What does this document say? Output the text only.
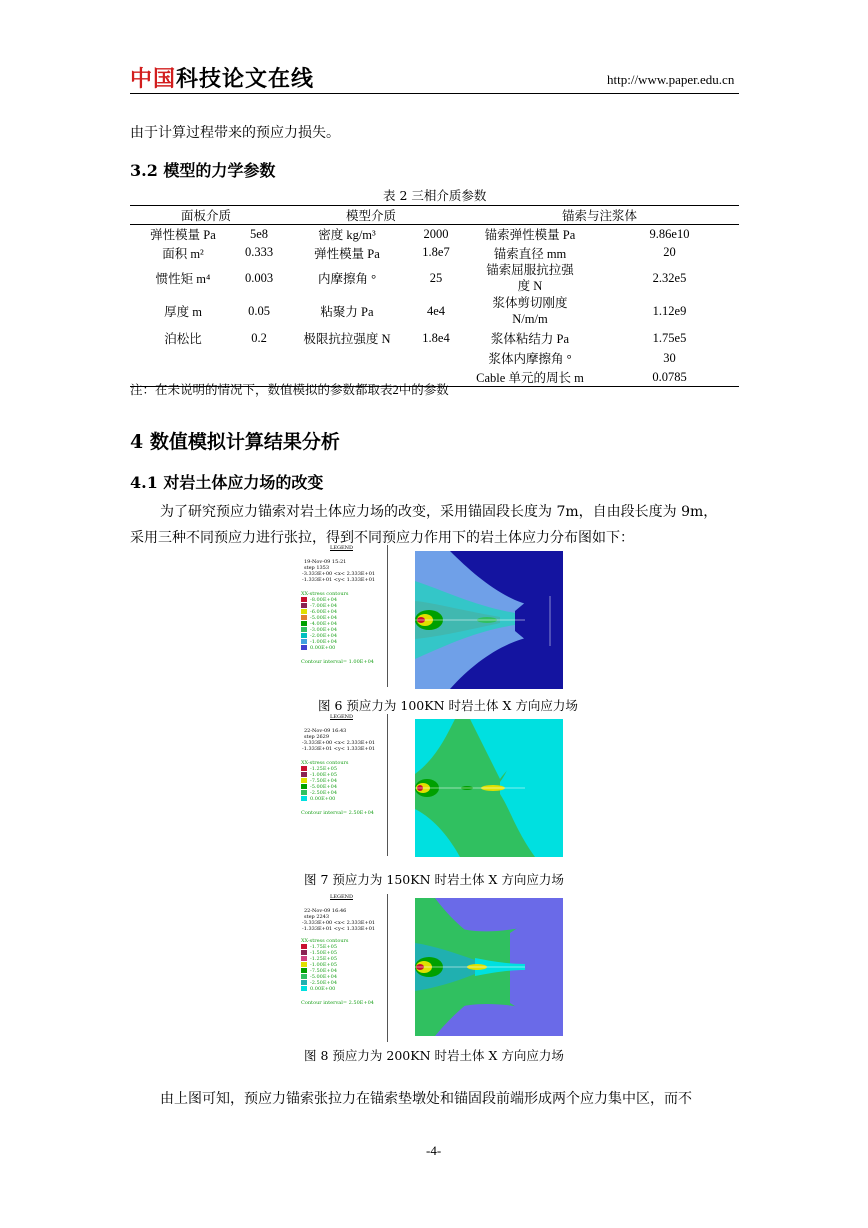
中国科技论文在线	http://www.paper.edu.cn
由于计算过程带来的预应力损失。
3.2 模型的力学参数
表 2 三相介质参数
面板介质		模型介质		锚索与注浆体	
弹性模量 Pa	5e8	密度 kg/m³	2000	锚索弹性模量 Pa	9.86e10
面积 m²	0.333	弹性模量 Pa	1.8e7	锚索直径 mm	20
惯性矩 m⁴	0.003	内摩擦角 °	25	锚索屈服抗拉强度 N	2.32e5
厚度 m	0.05	粘聚力 Pa	4e4	浆体剪切刚度 N/m/m	1.12e9
泊松比	0.2	极限抗拉强度 N	1.8e4	浆体粘结力 Pa	1.75e5
				浆体内摩擦角 °	30
				Cable 单元的周长 m	0.0785
注：在未说明的情况下，数值模拟的参数都取表2中的参数
4 数值模拟计算结果分析
4.1 对岩土体应力场的改变
为了研究预应力锚索对岩土体应力场的改变，采用锚固段长度为 7m，自由段长度为 9m，
采用三种不同预应力进行张拉，得到不同预应力作用下的岩土体应力分布图如下：
LEGEND
19-Nov-09 15:21
step 1353
-3.333E+00 <x< 2.333E+01
-1.333E+01 <y< 1.333E+01
XX-stress contours
Contour interval= 1.00E+04
-8.00E+04
-7.00E+04
-6.00E+04
-5.00E+04
-4.00E+04
-3.00E+04
-2.00E+04
-1.00E+04
0.00E+00
图 6 预应力为 100KN 时岩土体 X 方向应力场
LEGEND
22-Nov-09 16:43
step 2629
-3.333E+00 <x< 2.333E+01
-1.333E+01 <y< 1.333E+01
XX-stress contours
Contour interval= 2.50E+04
-1.25E+05
-1.00E+05
-7.50E+04
-5.00E+04
-2.50E+04
0.00E+00
图 7 预应力为 150KN 时岩土体 X 方向应力场
LEGEND
22-Nov-09 16:46
step 2243
-3.333E+00 <x< 2.333E+01
-1.333E+01 <y< 1.333E+01
XX-stress contours
Contour interval= 2.50E+04
-1.75E+05
-1.50E+05
-1.25E+05
-1.00E+05
-7.50E+04
-5.00E+04
-2.50E+04
0.00E+00
图 8 预应力为 200KN 时岩土体 X 方向应力场
由上图可知，预应力锚索张拉力在锚索垫墩处和锚固段前端形成两个应力集中区，而不
-4-
